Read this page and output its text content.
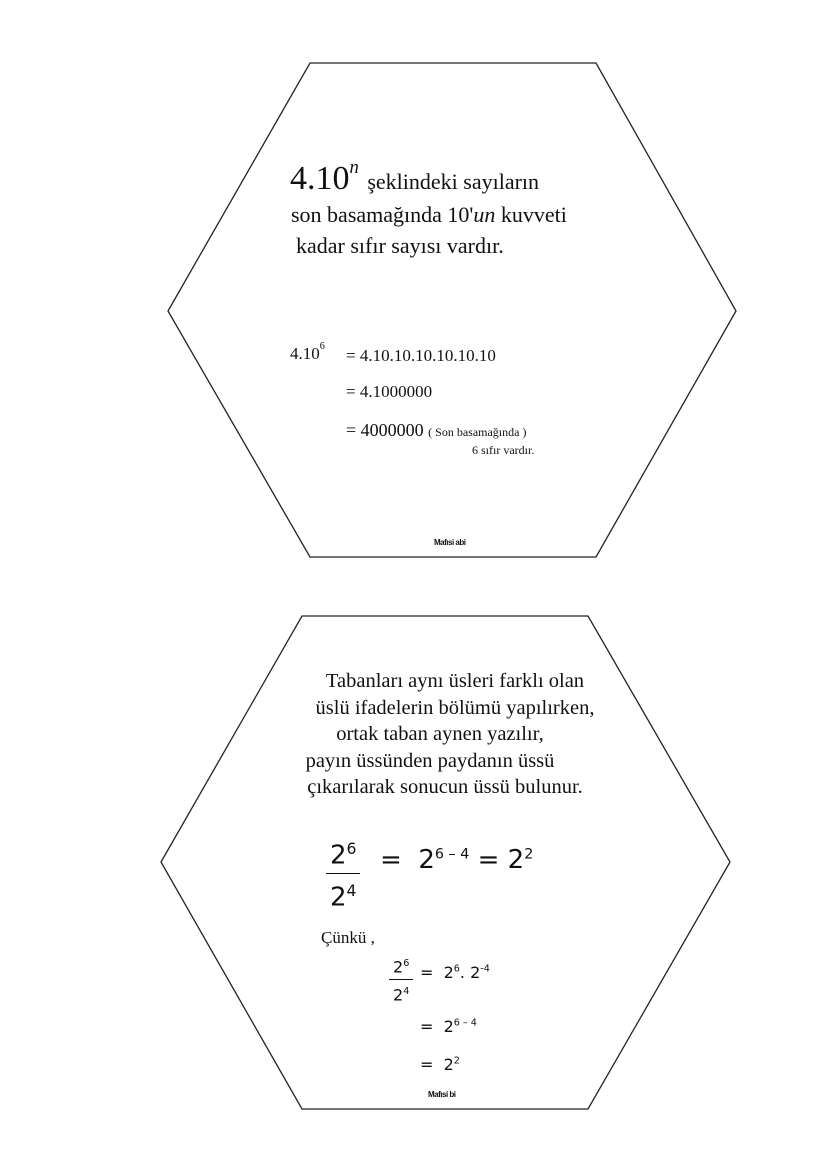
4.10$^n$ şeklindeki sayıların
son basamağında 10'un kuvveti
kadar sıfır sayısı vardır.
$4.10^6 = 4.10.10.10.10.10.10$
= 4.1000000
= 4000000 ( Son basamağında )
6 sıfır vardır.
Mafısi abi
Tabanları aynı üsleri farklı olan
üslü ifadelerin bölümü yapılırken,
ortak taban aynen yazılır,
payın üssünden paydanın üssü
çıkarılarak sonucun üssü bulunur.
$\frac{2^6}{2^4} = 2^{6 - 4} = 2^2$
Çünkü ,
$\frac{2^6}{2^4} = 2^6$. $2^{-4}$
= $2^{6 - 4}$
= $2^2$
Mafısi bi
